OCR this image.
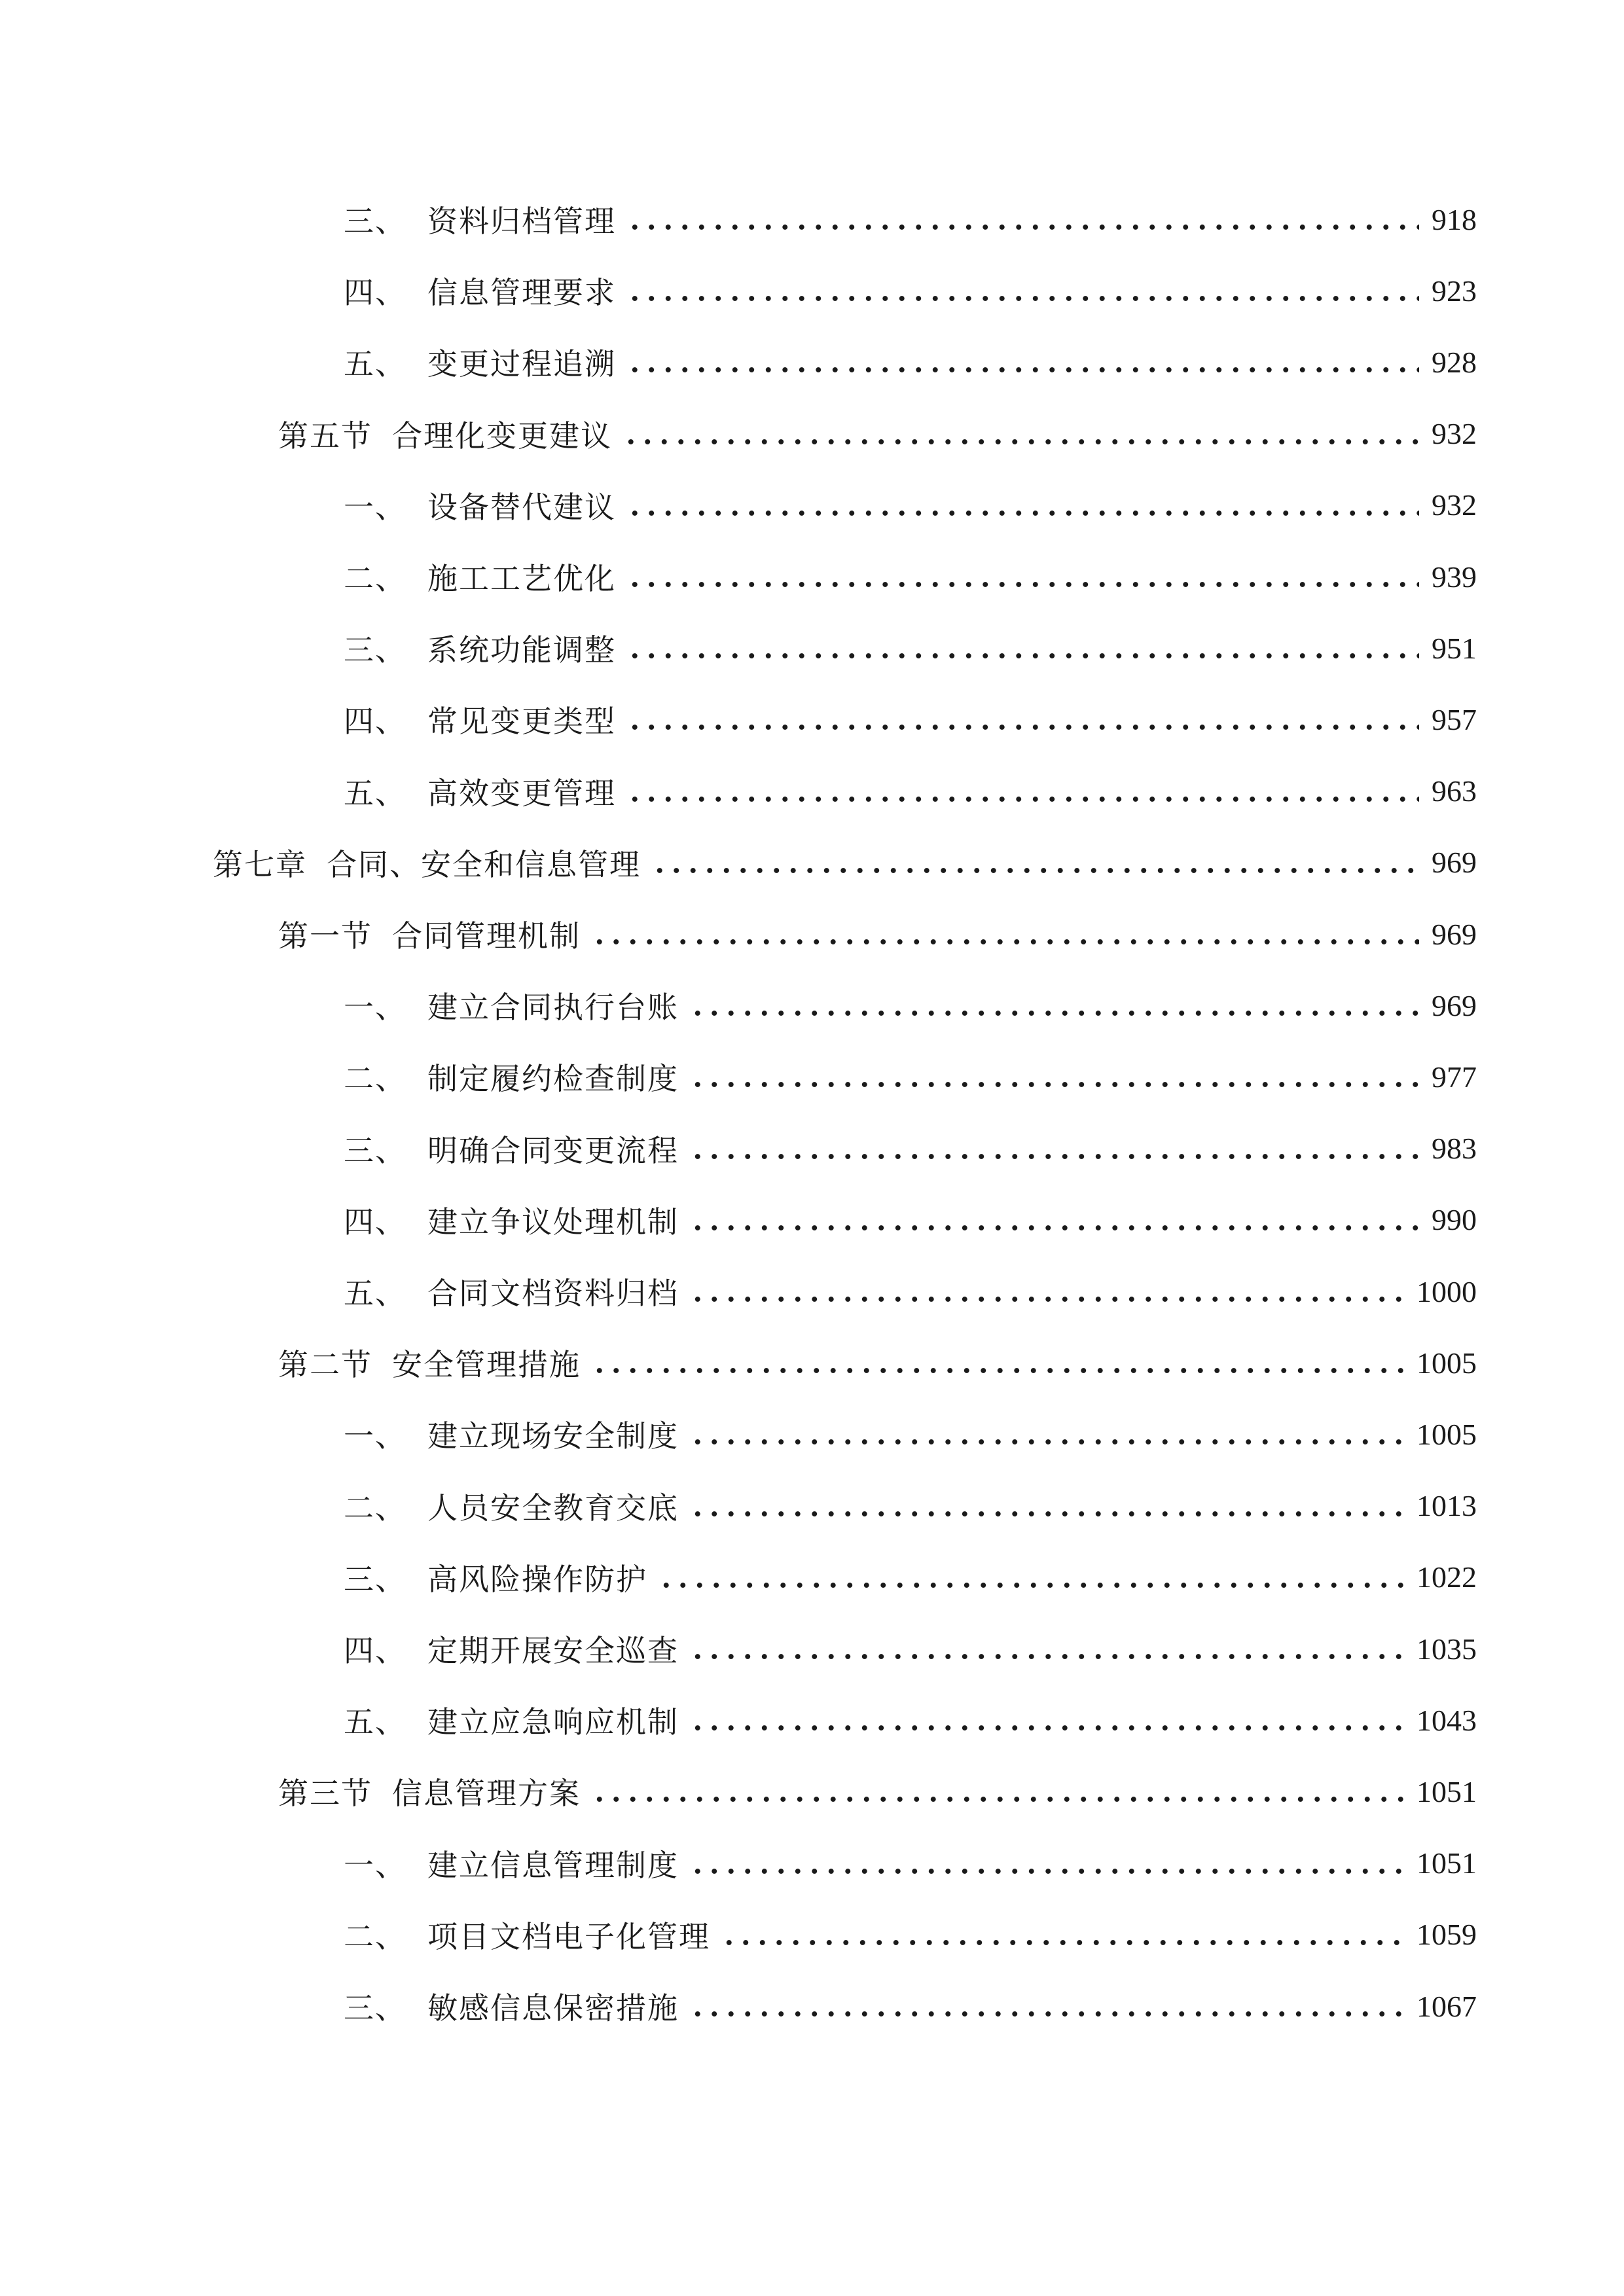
三、 资料归档管理	918
四、 信息管理要求	923
五、 变更过程追溯	928
第五节 合理化变更建议	932
一、 设备替代建议	932
二、 施工工艺优化	939
三、 系统功能调整	951
四、 常见变更类型	957
五、 高效变更管理	963
第七章 合同、安全和信息管理	969
第一节 合同管理机制	969
一、 建立合同执行台账	969
二、 制定履约检查制度	977
三、 明确合同变更流程	983
四、 建立争议处理机制	990
五、 合同文档资料归档	1000
第二节 安全管理措施	1005
一、 建立现场安全制度	1005
二、 人员安全教育交底	1013
三、 高风险操作防护	1022
四、 定期开展安全巡查	1035
五、 建立应急响应机制	1043
第三节 信息管理方案	1051
一、 建立信息管理制度	1051
二、 项目文档电子化管理	1059
三、 敏感信息保密措施	1067
